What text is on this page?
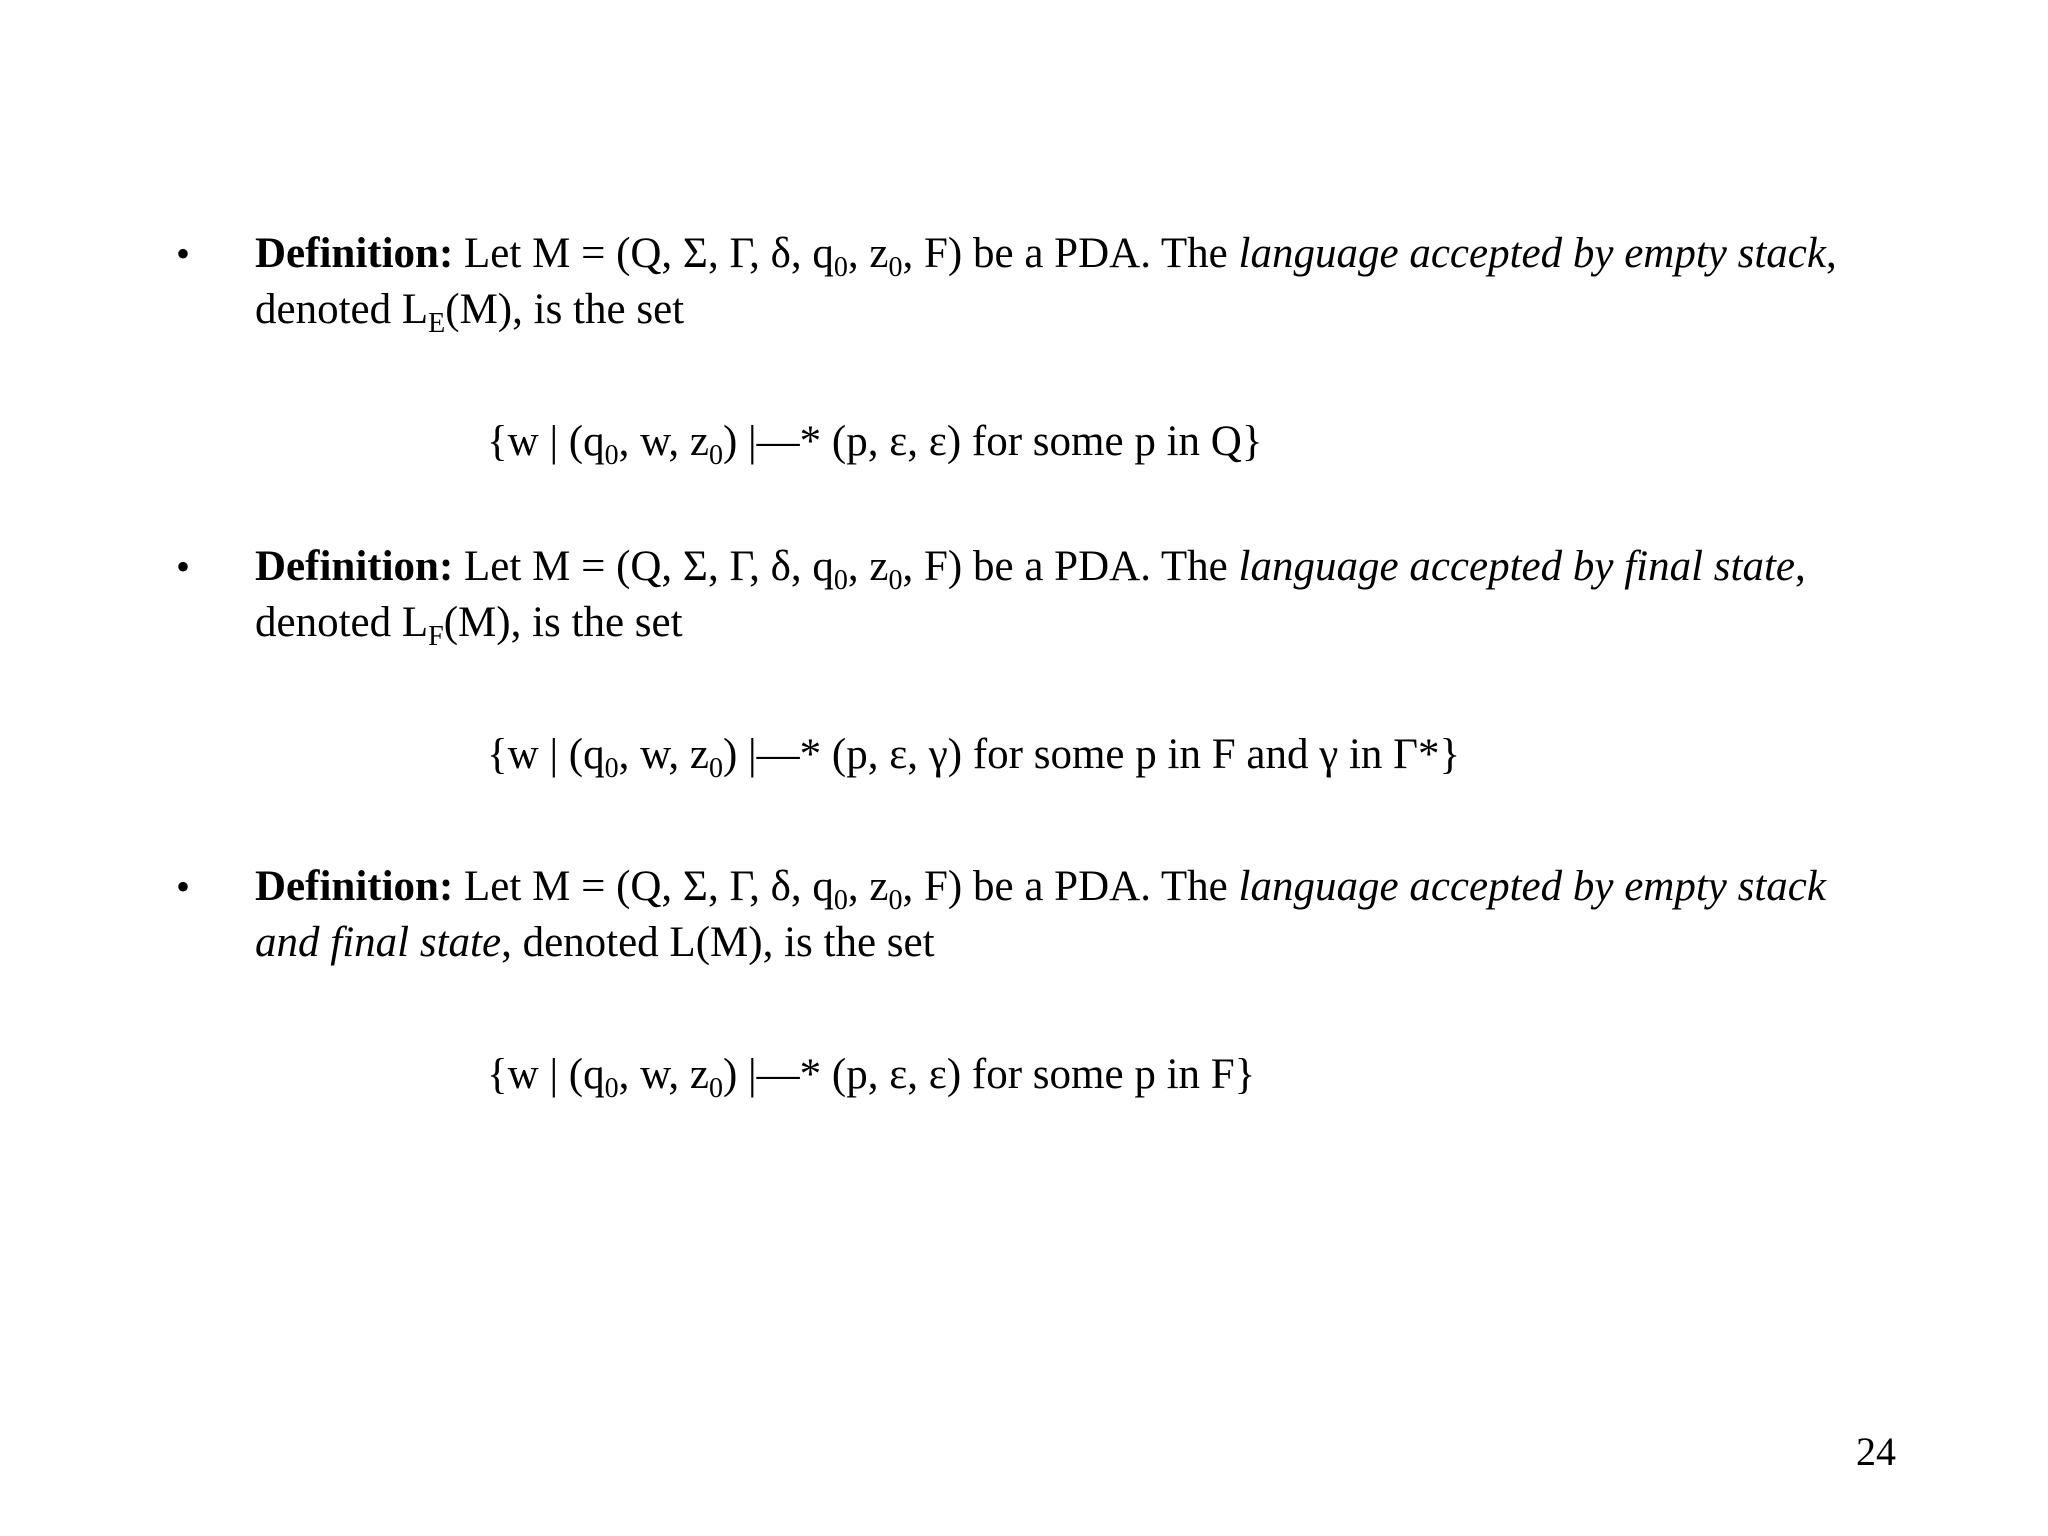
• Definition: Let M = (Q, Σ, Γ, δ, $q_0$, $z_0$, F) be a PDA. The language accepted by empty stack, denoted $L_E(M)$, is the set
{w | ($q_0$, w, $z_0$) |—* (p, ε, ε) for some p in Q}
• Definition: Let M = (Q, Σ, Γ, δ, $q_0$, $z_0$, F) be a PDA. The language accepted by final state, denoted $L_F(M)$, is the set
{w | ($q_0$, w, $z_0$) |—* (p, ε, γ) for some p in F and γ in Γ*}
• Definition: Let M = (Q, Σ, Γ, δ, $q_0$, $z_0$, F) be a PDA. The language accepted by empty stack and final state, denoted L(M), is the set
{w | ($q_0$, w, $z_0$) |—* (p, ε, ε) for some p in F}
24
